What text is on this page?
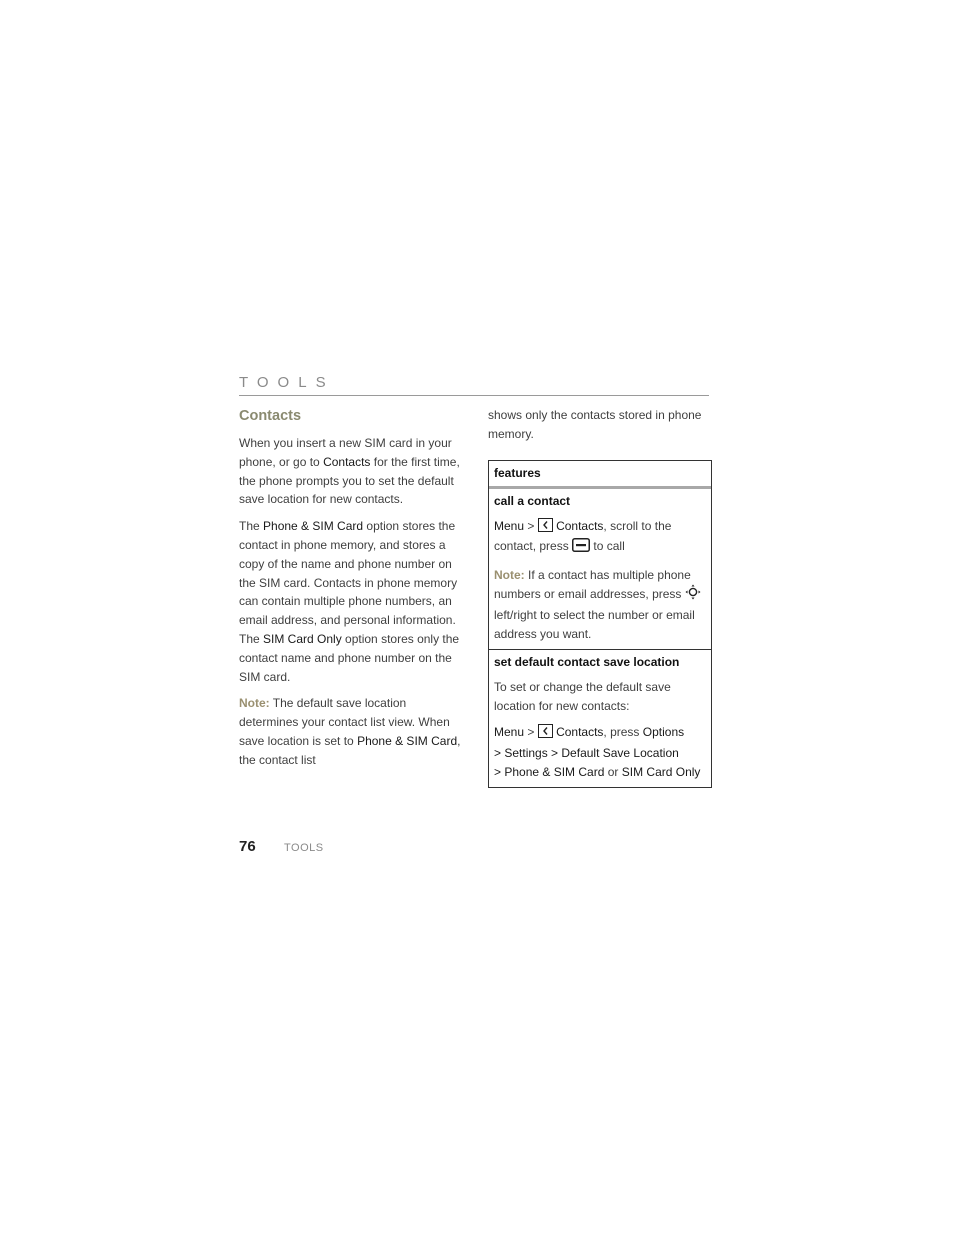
TOOLS
Contacts

When you insert a new SIM card in your phone, or go to Contacts for the first time, the phone prompts you to set the default save location for new contacts.

The Phone & SIM Card option stores the contact in phone memory, and stores a copy of the name and phone number on the SIM card. Contacts in phone memory can contain multiple phone numbers, an email address, and personal information. The SIM Card Only option stores only the contact name and phone number on the SIM card.

Note: The default save location determines your contact list view. When save location is set to Phone & SIM Card, the contact list

shows only the contacts stored in phone memory.

features
call a contact

Menu >  Contacts, scroll to the contact, press  to call

Note: If a contact has multiple phone numbers or email addresses, press  left/right to select the number or email address you want.

set default contact save location

To set or change the default save location for new contacts:

Menu >  Contacts, press Options
> Settings > Default Save Location
> Phone & SIM Card or SIM Card Only

76	TOOLS
